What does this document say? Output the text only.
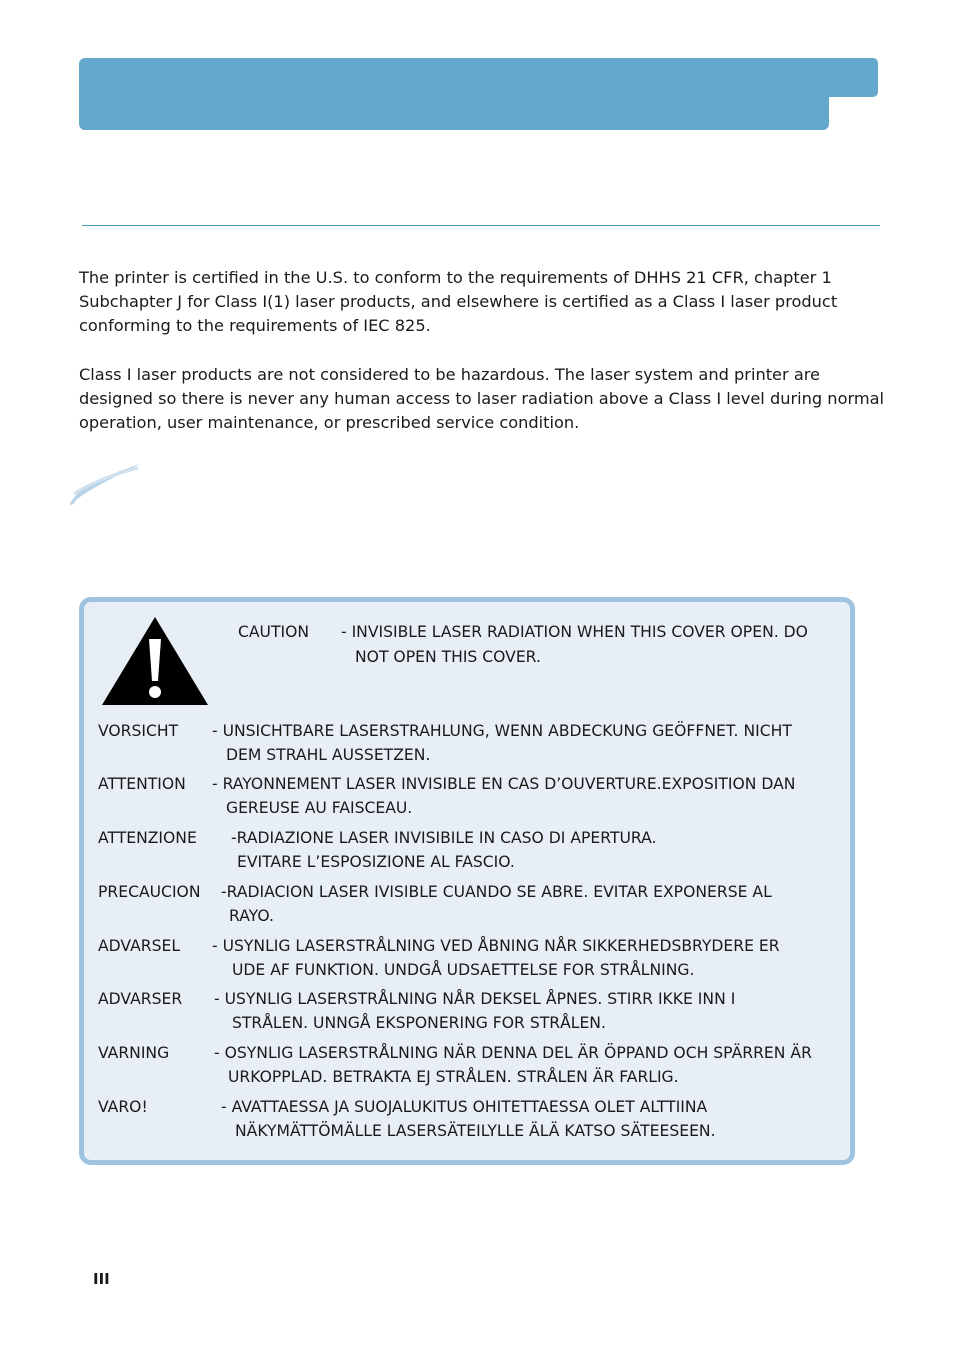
The printer is certified in the U.S. to conform to the requirements of DHHS 21 CFR, chapter 1 Subchapter J for Class I(1) laser products, and elsewhere is certified as a Class I laser product conforming to the requirements of IEC 825.

Class I laser products are not considered to be hazardous. The laser system and printer are designed so there is never any human access to laser radiation above a Class I level during normal operation, user maintenance, or prescribed service condition.

CAUTION - INVISIBLE LASER RADIATION WHEN THIS COVER OPEN. DO
NOT OPEN THIS COVER.
VORSICHT - UNSICHTBARE LASERSTRAHLUNG, WENN ABDECKUNG GEÖFFNET. NICHT
DEM STRAHL AUSSETZEN.
ATTENTION - RAYONNEMENT LASER INVISIBLE EN CAS D’OUVERTURE.EXPOSITION DAN
GEREUSE AU FAISCEAU.
ATTENZIONE -RADIAZIONE LASER INVISIBILE IN CASO DI APERTURA.
EVITARE L’ESPOSIZIONE AL FASCIO.
PRECAUCION -RADIACION LASER IVISIBLE CUANDO SE ABRE. EVITAR EXPONERSE AL
RAYO.
ADVARSEL - USYNLIG LASERSTRÅLNING VED ÅBNING NÅR SIKKERHEDSBRYDERE ER
UDE AF FUNKTION. UNDGÅ UDSAETTELSE FOR STRÅLNING.
ADVARSER - USYNLIG LASERSTRÅLNING NÅR DEKSEL ÅPNES. STIRR IKKE INN I
STRÅLEN. UNNGÅ EKSPONERING FOR STRÅLEN.
VARNING	- OSYNLIG LASERSTRÅLNING NÄR DENNA DEL ÄR ÖPPAND OCH SPÄRREN ÄR
URKOPPLAD. BETRAKTA EJ STRÅLEN. STRÅLEN ÄR FARLIG.
VARO!	- AVATTAESSA JA SUOJALUKITUS OHITETTAESSA OLET ALTTIINA
NÄKYMÄTTÖMÄLLE LASERSÄTEILYLLE ÄLÄ KATSO SÄTEESEEN.
III
